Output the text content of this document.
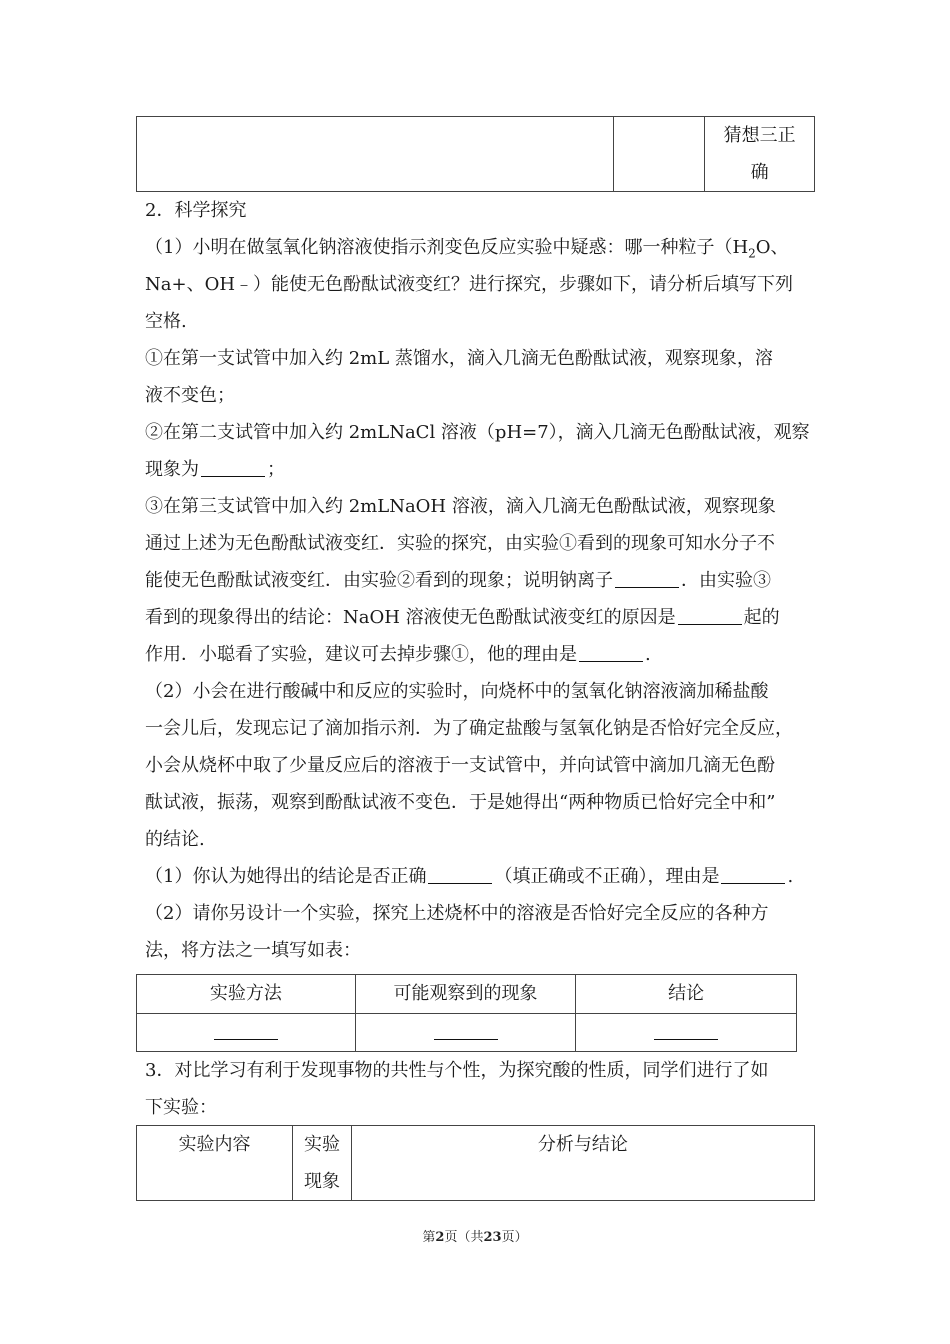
猜想三正
确
2．科学探究
（1）小明在做氢氧化钠溶液使指示剂变色反应实验中疑惑：哪一种粒子（$H_2O$、
Na+、OH﹣）能使无色酚酞试液变红？进行探究，步骤如下，请分析后填写下列
空格.
①在第一支试管中加入约 2mL 蒸馏水，滴入几滴无色酚酞试液，观察现象，溶
液不变色；
②在第二支试管中加入约 2mLNaCl 溶液（pH=7），滴入几滴无色酚酞试液，观察
现象为	；
③在第三支试管中加入约 2mLNaOH 溶液，滴入几滴无色酚酞试液，观察现象
通过上述为无色酚酞试液变红．实验的探究，由实验①看到的现象可知水分子不
能使无色酚酞试液变红．由实验②看到的现象；说明钠离子	．由实验③
看到的现象得出的结论：NaOH 溶液使无色酚酞试液变红的原因是	起的
作用．小聪看了实验，建议可去掉步骤①，他的理由是	.
（2）小会在进行酸碱中和反应的实验时，向烧杯中的氢氧化钠溶液滴加稀盐酸
一会儿后，发现忘记了滴加指示剂．为了确定盐酸与氢氧化钠是否恰好完全反应，
小会从烧杯中取了少量反应后的溶液于一支试管中，并向试管中滴加几滴无色酚
酞试液，振荡，观察到酚酞试液不变色．于是她得出“两种物质已恰好完全中和”
的结论.
（1）你认为她得出的结论是否正确	（填正确或不正确），理由是	.
（2）请你另设计一个实验，探究上述烧杯中的溶液是否恰好完全反应的各种方
法，将方法之一填写如表：
实验方法	可能观察到的现象	结论

3．对比学习有利于发现事物的共性与个性，为探究酸的性质，同学们进行了如
下实验：
实验内容	实验
现象
	分析与结论
第2页（共23页）
